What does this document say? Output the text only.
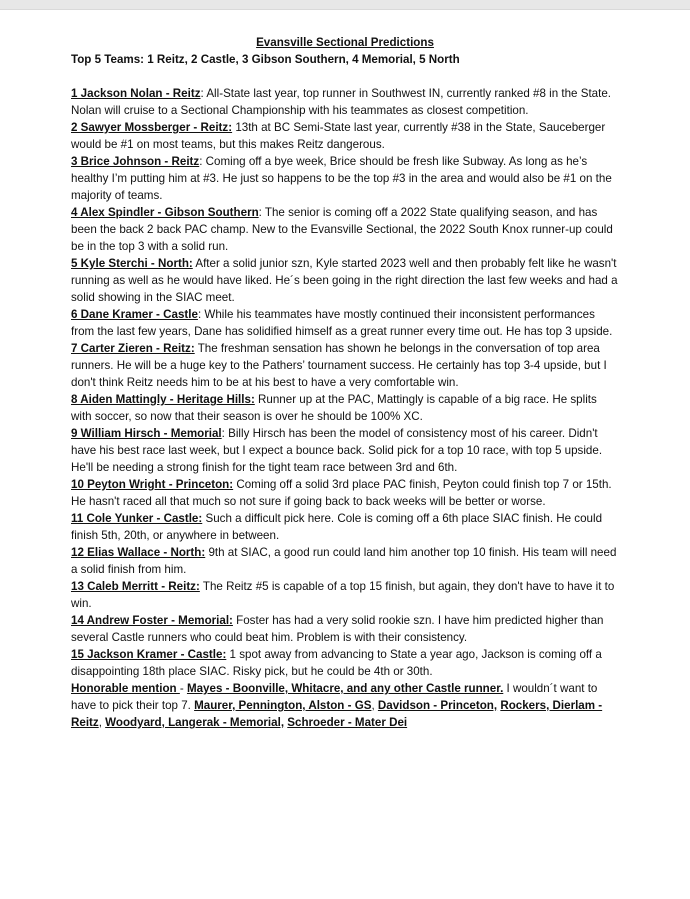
Evansville Sectional Predictions

Top 5 Teams: 1 Reitz, 2 Castle, 3 Gibson Southern, 4 Memorial, 5 North

1 Jackson Nolan - Reitz: All-State last year, top runner in Southwest IN, currently ranked #8 in the State. Nolan will cruise to a Sectional Championship with his teammates as closest competition.

2 Sawyer Mossberger - Reitz: 13th at BC Semi-State last year, currently #38 in the State, Sauceberger would be #1 on most teams, but this makes Reitz dangerous.

3 Brice Johnson - Reitz: Coming off a bye week, Brice should be fresh like Subway. As long as he’s healthy I’m putting him at #3. He just so happens to be the top #3 in the area and would also be #1 on the majority of teams.

4 Alex Spindler - Gibson Southern: The senior is coming off a 2022 State qualifying season, and has been the back 2 back PAC champ. New to the Evansville Sectional, the 2022 South Knox runner-up could be in the top 3 with a solid run.

5 Kyle Sterchi - North: After a solid junior szn, Kyle started 2023 well and then probably felt like he wasn't running as well as he would have liked. He´s been going in the right direction the last few weeks and had a solid showing in the SIAC meet.

6 Dane Kramer - Castle: While his teammates have mostly continued their inconsistent performances from the last few years, Dane has solidified himself as a great runner every time out. He has top 3 upside.

7 Carter Zieren - Reitz: The freshman sensation has shown he belongs in the conversation of top area runners. He will be a huge key to the Pathers’ tournament success. He certainly has top 3-4 upside, but I don't think Reitz needs him to be at his best to have a very comfortable win.

8 Aiden Mattingly - Heritage Hills: Runner up at the PAC, Mattingly is capable of a big race. He splits with soccer, so now that their season is over he should be 100% XC.

9 William Hirsch - Memorial: Billy Hirsch has been the model of consistency most of his career. Didn't have his best race last week, but I expect a bounce back. Solid pick for a top 10 race, with top 5 upside. He'll be needing a strong finish for the tight team race between 3rd and 6th.

10 Peyton Wright - Princeton: Coming off a solid 3rd place PAC finish, Peyton could finish top 7 or 15th. He hasn't raced all that much so not sure if going back to back weeks will be better or worse.

11 Cole Yunker - Castle: Such a difficult pick here. Cole is coming off a 6th place SIAC finish. He could finish 5th, 20th, or anywhere in between.

12 Elias Wallace - North: 9th at SIAC, a good run could land him another top 10 finish. His team will need a solid finish from him.

13 Caleb Merritt - Reitz: The Reitz #5 is capable of a top 15 finish, but again, they don't have to have it to win.

14 Andrew Foster - Memorial: Foster has had a very solid rookie szn. I have him predicted higher than several Castle runners who could beat him. Problem is with their consistency.

15 Jackson Kramer - Castle: 1 spot away from advancing to State a year ago, Jackson is coming off a disappointing 18th place SIAC. Risky pick, but he could be 4th or 30th.

Honorable mention - Mayes - Boonville, Whitacre, and any other Castle runner. I wouldn´t want to have to pick their top 7. Maurer, Pennington, Alston - GS, Davidson - Princeton, Rockers, Dierlam - Reitz, Woodyard, Langerak - Memorial, Schroeder - Mater Dei
